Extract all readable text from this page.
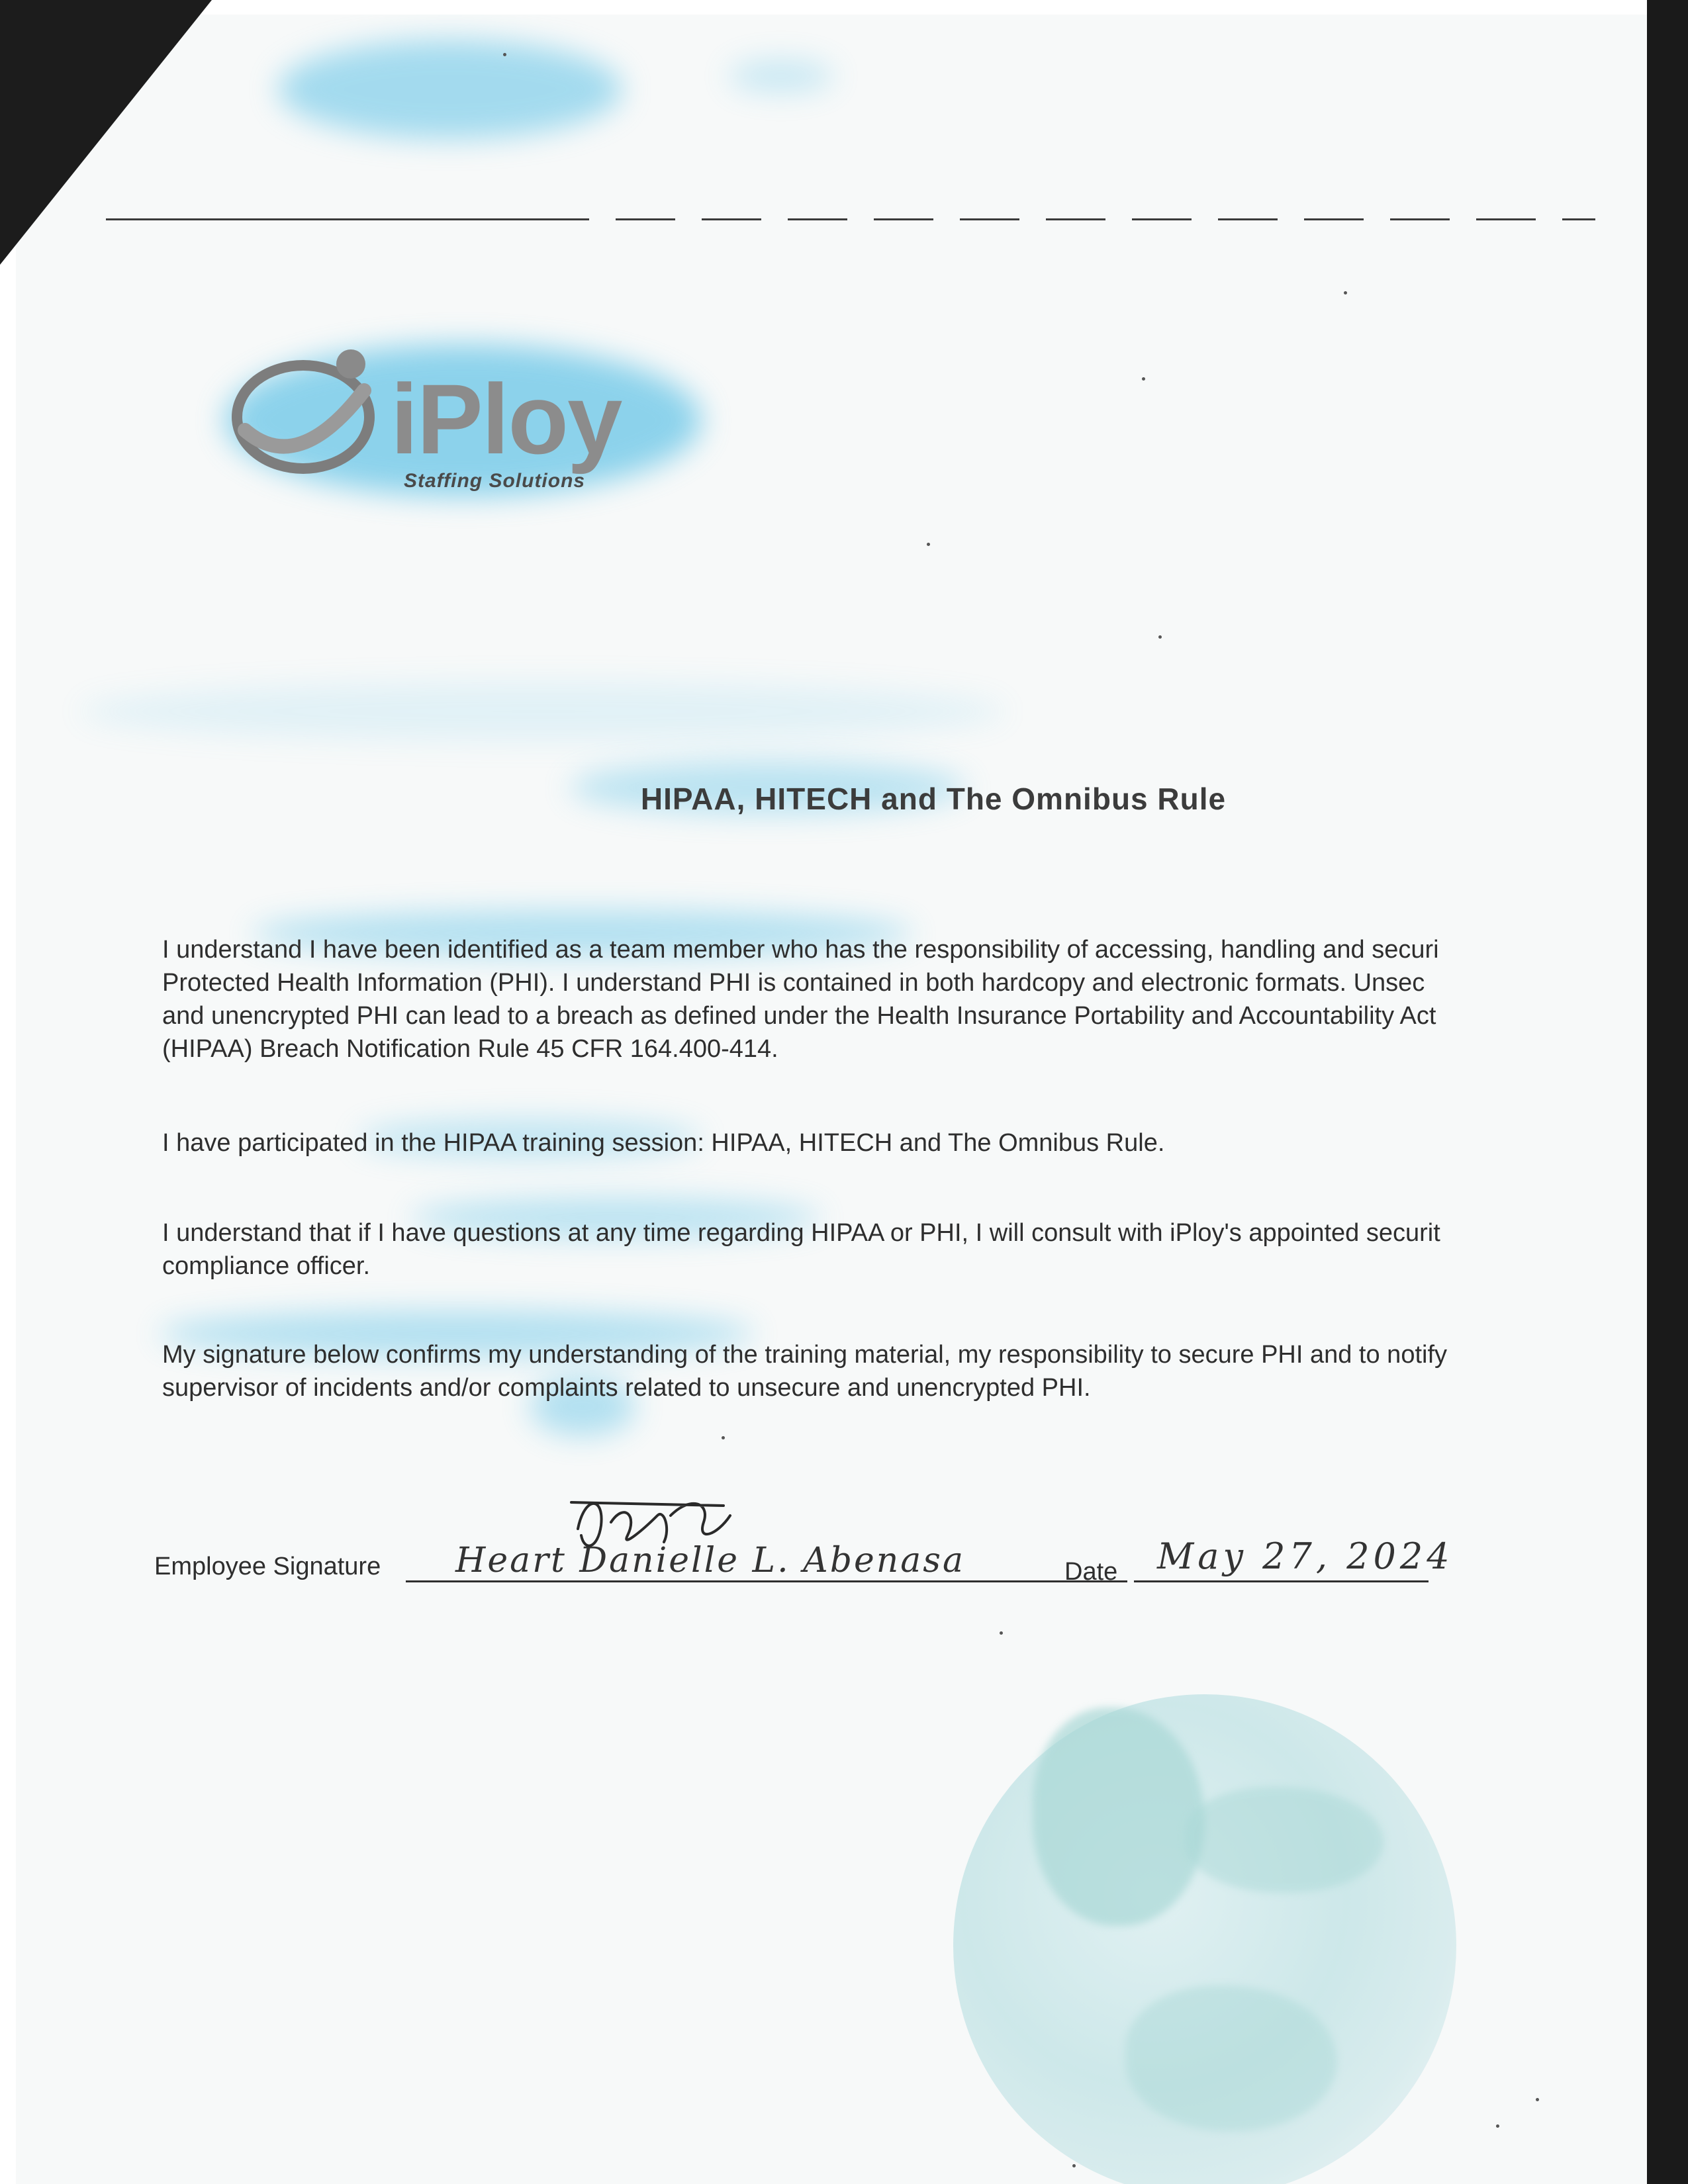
iPloy
Staffing Solutions
HIPAA, HITECH and The Omnibus Rule

I understand I have been identified as a team member who has the responsibility of accessing, handling and securi
Protected Health Information (PHI). I understand PHI is contained in both hardcopy and electronic formats. Unsec
and unencrypted PHI can lead to a breach as defined under the Health Insurance Portability and Accountability Act
(HIPAA) Breach Notification Rule 45 CFR 164.400-414.

I have participated in the HIPAA training session: HIPAA, HITECH and The Omnibus Rule.

I understand that if I have questions at any time regarding HIPAA or PHI, I will consult with iPloy's appointed securit
compliance officer.

My signature below confirms my understanding of the training material, my responsibility to secure PHI and to notify
supervisor of incidents and/or complaints related to unsecure and unencrypted PHI.

Employee Signature Heart Danielle L. Abenasa	Date May 27, 2024
